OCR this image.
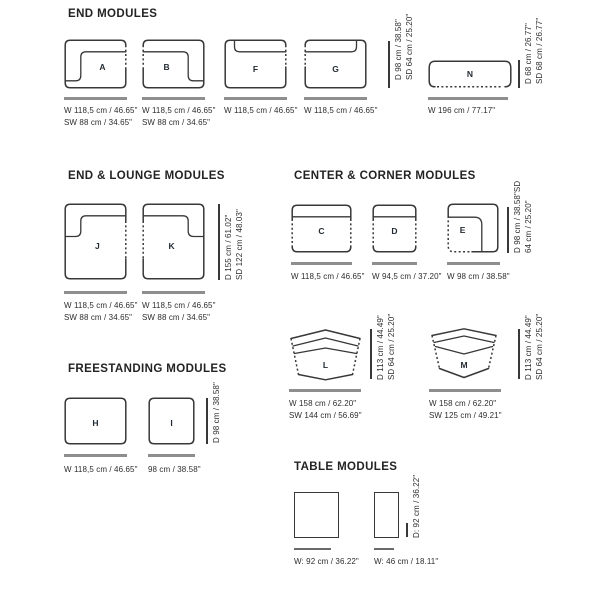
END MODULES
A	B	F	G	D 98 cm / 38.58" SD 64 cm / 25.20"	N	D 68 cm / 26.77" SD 68 cm / 26.77"
W 118,5 cm / 46.65"
SW 88 cm / 34.65"
W 118,5 cm / 46.65"
SW 88 cm / 34.65"
W 118,5 cm / 46.65" W 118,5 cm / 46.65"	W 196 cm / 77.17"
END & LOUNGE MODULES
J	K	D 155 cm / 61.02" SD 122 cm / 48.03"
W 118,5 cm / 46.65"
SW 88 cm / 34.65"
W 118,5 cm / 46.65"
SW 88 cm / 34.65"
FREESTANDING MODULES
H	I	D 98 cm / 38.58"
W 118,5 cm / 46.65" 98 cm / 38.58"
CENTER & CORNER MODULES
C	D	E	D 98 cm / 38.58"SD 64 cm / 25.20"
W 118,5 cm / 46.65" W 94,5 cm / 37.20" W 98 cm / 38.58"
L	D 113 cm / 44.49" SD 64 cm / 25.20"	M	D 113 cm / 44.49" SD 64 cm / 25.20"
W 158 cm / 62.20"
SW 144 cm / 56.69"
W 158 cm / 62.20"
SW 125 cm / 49.21"
TABLE MODULES
D: 92 cm / 36.22"
W: 92 cm / 36.22" W: 46 cm / 18.11"
